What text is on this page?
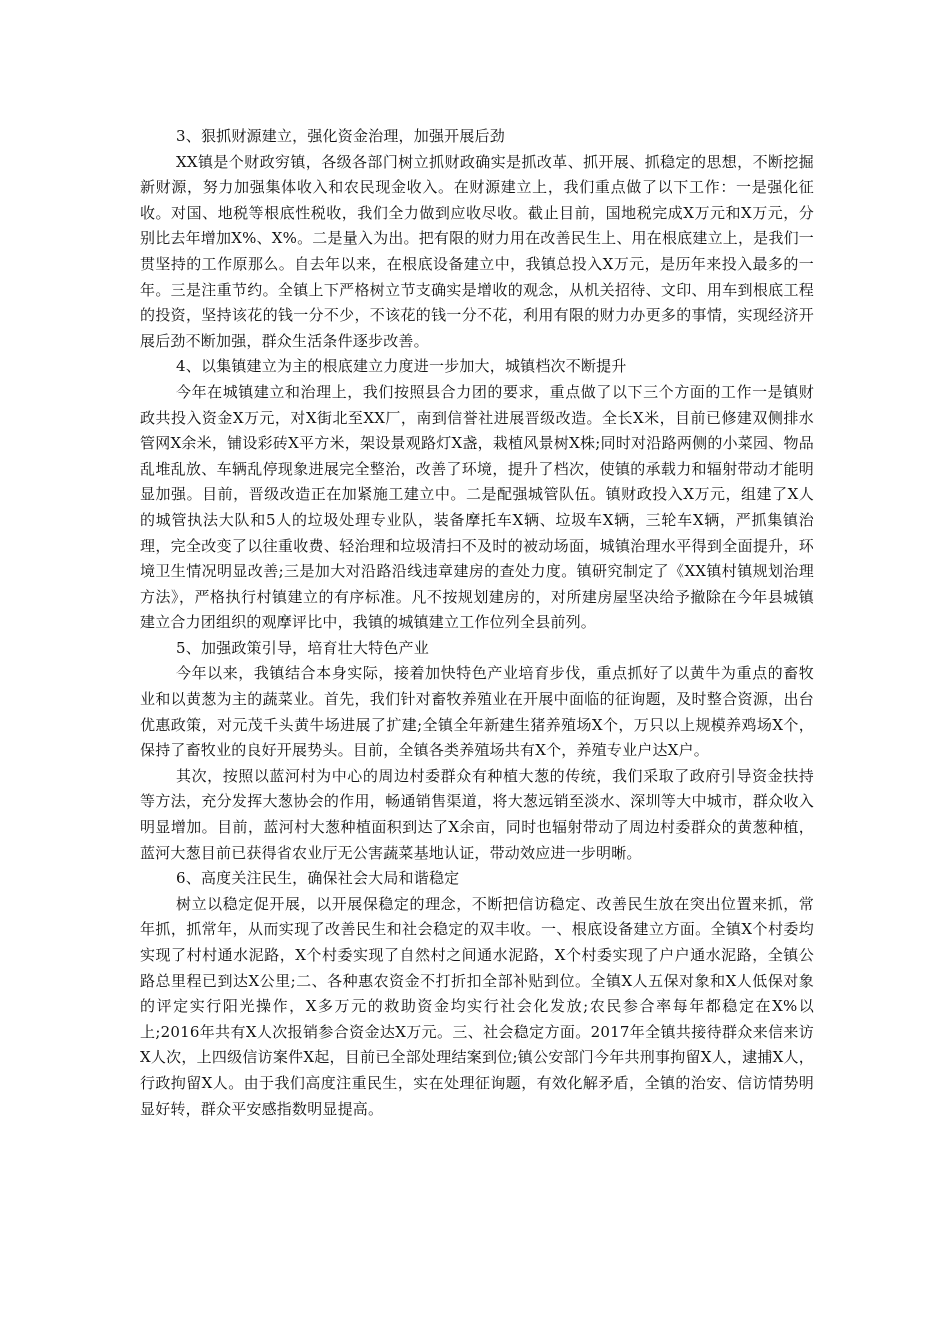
3、狠抓财源建立，强化资金治理，加强开展后劲

XX镇是个财政穷镇，各级各部门树立抓财政确实是抓改革、抓开展、抓稳定的思想，不断挖掘新财源，努力加强集体收入和农民现金收入。在财源建立上，我们重点做了以下工作：一是强化征收。对国、地税等根底性税收，我们全力做到应收尽收。截止目前，国地税完成X万元和X万元，分别比去年增加X%、X%。二是量入为出。把有限的财力用在改善民生上、用在根底建立上，是我们一贯坚持的工作原那么。自去年以来，在根底设备建立中，我镇总投入X万元，是历年来投入最多的一年。三是注重节约。全镇上下严格树立节支确实是增收的观念，从机关招待、文印、用车到根底工程的投资，坚持该花的钱一分不少，不该花的钱一分不花，利用有限的财力办更多的事情，实现经济开展后劲不断加强，群众生活条件逐步改善。

4、以集镇建立为主的根底建立力度进一步加大，城镇档次不断提升

今年在城镇建立和治理上，我们按照县合力团的要求，重点做了以下三个方面的工作一是镇财政共投入资金X万元，对X街北至XX厂，南到信誉社进展晋级改造。全长X米，目前已修建双侧排水管网X余米，铺设彩砖X平方米，架设景观路灯X盏，栽植风景树X株;同时对沿路两侧的小菜园、物品乱堆乱放、车辆乱停现象进展完全整治，改善了环境，提升了档次，使镇的承载力和辐射带动才能明显加强。目前，晋级改造正在加紧施工建立中。二是配强城管队伍。镇财政投入X万元，组建了X人的城管执法大队和5人的垃圾处理专业队，装备摩托车X辆、垃圾车X辆，三轮车X辆，严抓集镇治理，完全改变了以往重收费、轻治理和垃圾清扫不及时的被动场面，城镇治理水平得到全面提升，环境卫生情况明显改善;三是加大对沿路沿线违章建房的查处力度。镇研究制定了《XX镇村镇规划治理方法》，严格执行村镇建立的有序标准。凡不按规划建房的，对所建房屋坚决给予撤除在今年县城镇建立合力团组织的观摩评比中，我镇的城镇建立工作位列全县前列。

5、加强政策引导，培育壮大特色产业

今年以来，我镇结合本身实际，接着加快特色产业培育步伐，重点抓好了以黄牛为重点的畜牧业和以黄葱为主的蔬菜业。首先，我们针对畜牧养殖业在开展中面临的征询题，及时整合资源，出台优惠政策，对元茂千头黄牛场进展了扩建;全镇全年新建生猪养殖场X个，万只以上规模养鸡场X个，保持了畜牧业的良好开展势头。目前，全镇各类养殖场共有X个，养殖专业户达X户。

其次，按照以蓝河村为中心的周边村委群众有种植大葱的传统，我们采取了政府引导资金扶持等方法，充分发挥大葱协会的作用，畅通销售渠道，将大葱远销至淡水、深圳等大中城市，群众收入明显增加。目前，蓝河村大葱种植面积到达了X余亩，同时也辐射带动了周边村委群众的黄葱种植，蓝河大葱目前已获得省农业厅无公害蔬菜基地认证，带动效应进一步明晰。

6、高度关注民生，确保社会大局和谐稳定

树立以稳定促开展，以开展保稳定的理念，不断把信访稳定、改善民生放在突出位置来抓，常年抓，抓常年，从而实现了改善民生和社会稳定的双丰收。一、根底设备建立方面。全镇X个村委均实现了村村通水泥路，X个村委实现了自然村之间通水泥路，X个村委实现了户户通水泥路，全镇公路总里程已到达X公里;二、各种惠农资金不打折扣全部补贴到位。全镇X人五保对象和X人低保对象的评定实行阳光操作，X多万元的救助资金均实行社会化发放;农民参合率每年都稳定在X%以上;2016年共有X人次报销参合资金达X万元。三、社会稳定方面。2017年全镇共接待群众来信来访X人次，上四级信访案件X起，目前已全部处理结案到位;镇公安部门今年共刑事拘留X人，逮捕X人，行政拘留X人。由于我们高度注重民生，实在处理征询题，有效化解矛盾，全镇的治安、信访情势明显好转，群众平安感指数明显提高。
